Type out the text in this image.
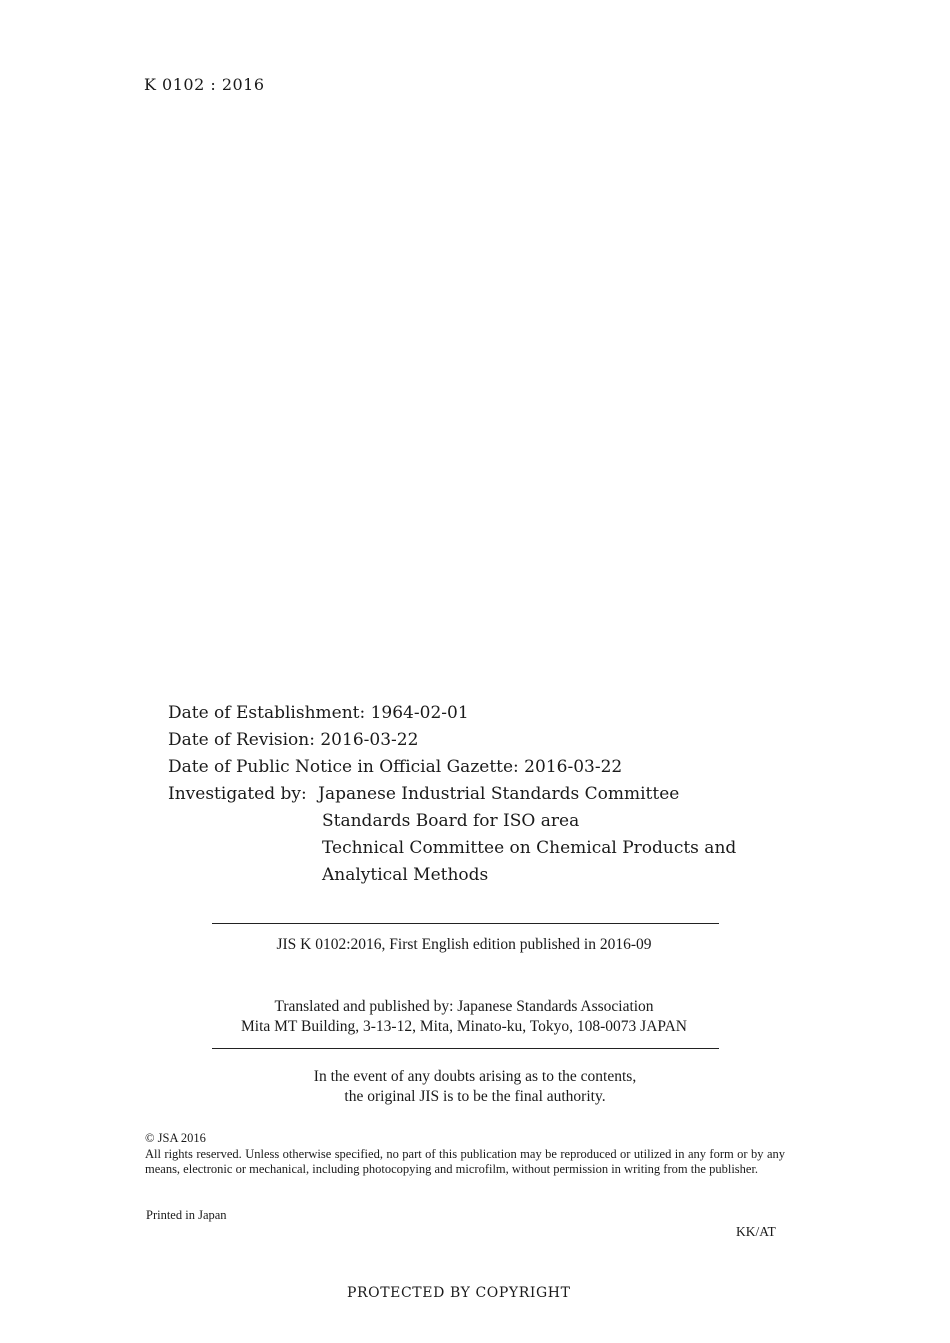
K 0102 : 2016
Date of Establishment: 1964-02-01
Date of Revision: 2016-03-22
Date of Public Notice in Official Gazette: 2016-03-22
Investigated by: Japanese Industrial Standards Committee
Standards Board for ISO area
Technical Committee on Chemical Products and
Analytical Methods
JIS K 0102:2016, First English edition published in 2016-09
Translated and published by: Japanese Standards Association
Mita MT Building, 3-13-12, Mita, Minato-ku, Tokyo, 108-0073 JAPAN
In the event of any doubts arising as to the contents,
the original JIS is to be the final authority.
© JSA 2016
All rights reserved. Unless otherwise specified, no part of this publication may be reproduced or utilized in any form or by any means, electronic or mechanical, including photocopying and microfilm, without permission in writing from the publisher.
Printed in Japan
KK/AT
PROTECTED BY COPYRIGHT
